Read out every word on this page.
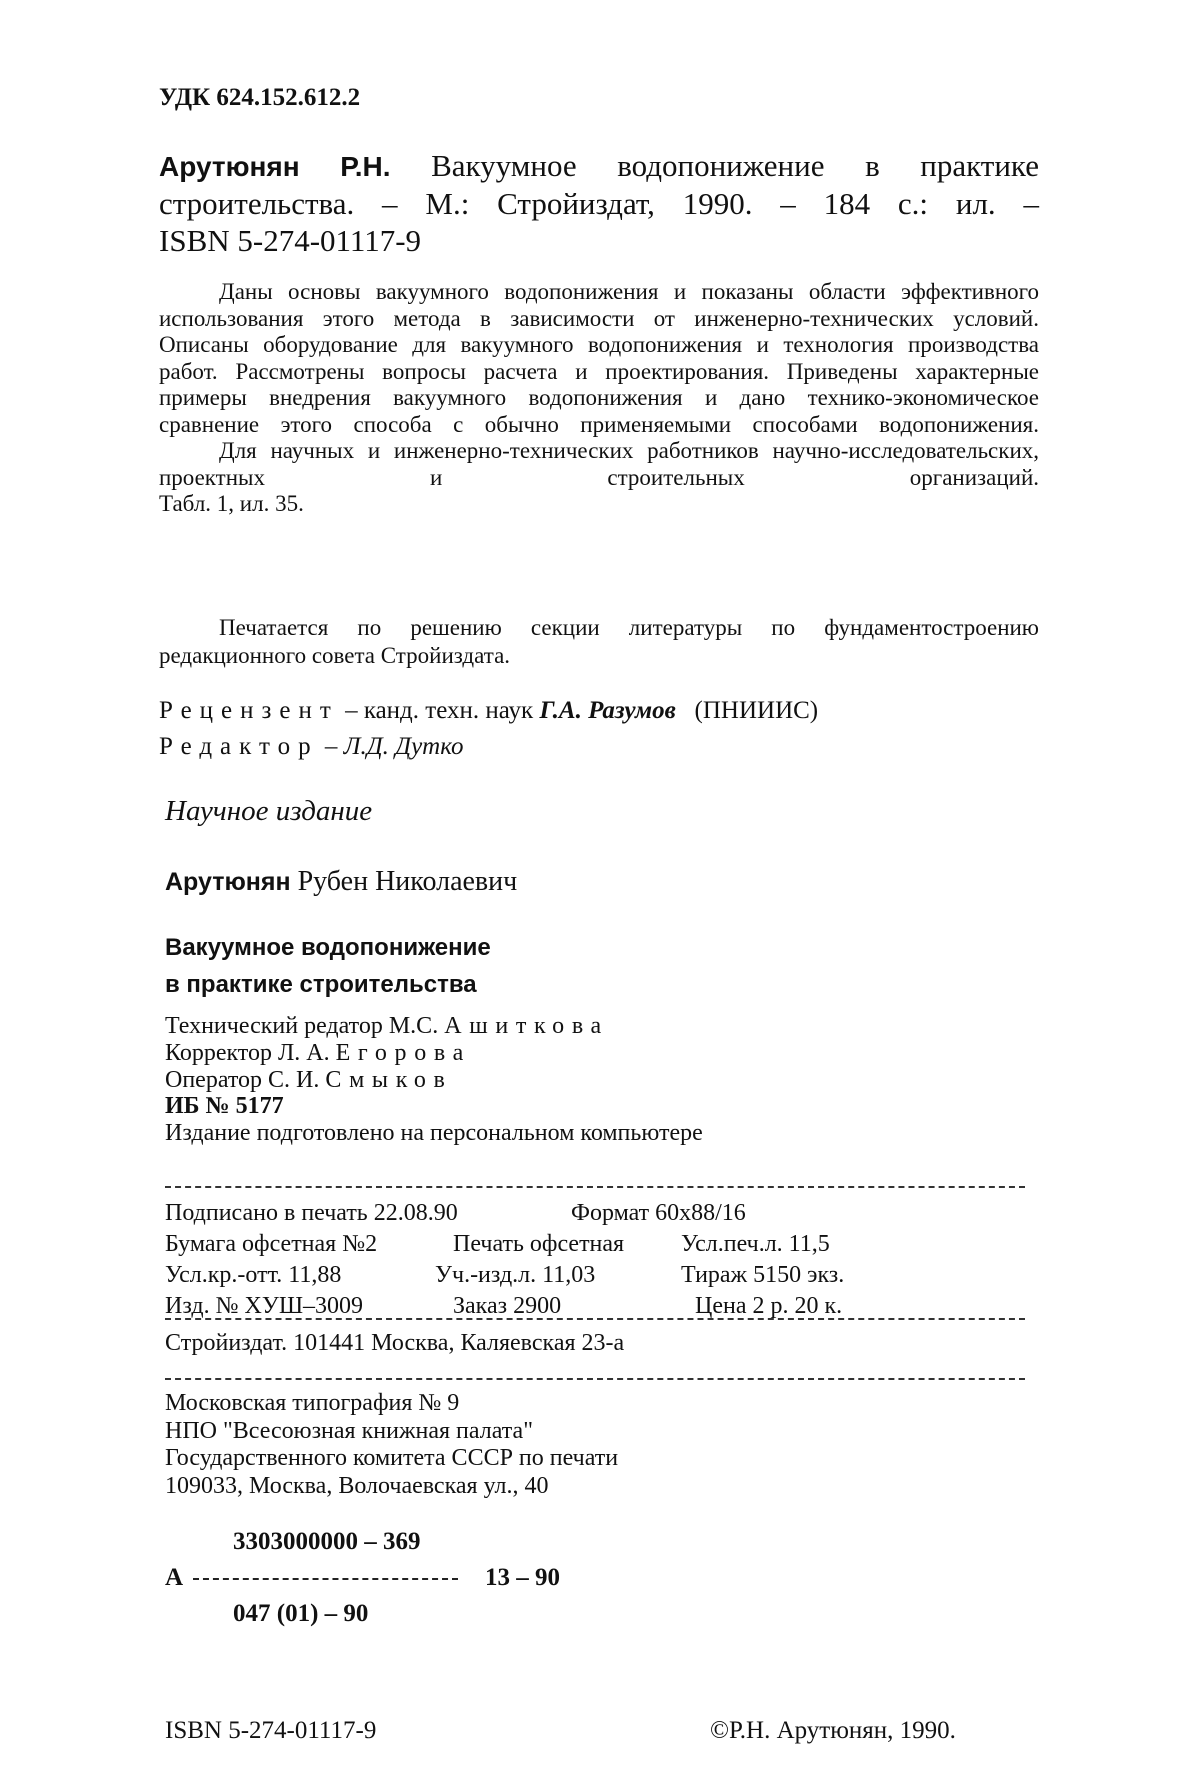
УДК 624.152.612.2
Арутюнян Р.Н. Вакуумное водопонижение в практике
строительства. – М.: Стройиздат, 1990. – 184 с.: ил. –
ISBN 5-274-01117-9

Даны основы вакуумного водопонижения и показаны области эффективного использования этого метода в зависимости от инженерно-технических условий. Описаны оборудование для вакуумного водопонижения и технология производства работ. Рассмотрены вопросы расчета и проектирования. Приведены характерные примеры внедрения вакуумного водопонижения и дано технико-экономическое сравнение этого способа с обычно применяемыми способами водопонижения.

Для научных и инженерно-технических работников научно-исследовательских, проектных и строительных организаций.

Табл. 1, ил. 35.

Печатается по решению секции литературы по фундаментостроению редакционного совета Стройиздата.

Рецензент – канд. техн. наук Г.А. Разумов (ПНИИИС)
Редактор – Л.Д. Дутко
Научное издание
Арутюнян Рубен Николаевич
Вакуумное водопонижение
в практике строительства
Технический редатор М.С. Ашиткова
Корректор Л. А. Егорова
Оператор С. И. Смыков
ИБ № 5177
Издание подготовлено на персональном компьютере
Подписано в печать 22.08.90	Формат 60x88/16
Бумага офсетная №2	Печать офсетная Усл.печ.л. 11,5
Усл.кр.-отт. 11,88	Уч.-изд.л. 11,03	Тираж 5150 экз.
Изд. № ХУШ–3009	Заказ 2900	Цена 2 р. 20 к.
Стройиздат. 101441 Москва, Каляевская 23-а
Московская типография № 9
НПО "Всесоюзная книжная палата"
Государственного комитета СССР по печати
109033, Москва, Волочаевская ул., 40
3303000000 – 369
А	13 – 90
047 (01) – 90
ISBN 5-274-01117-9	©Р.Н. Арутюнян, 1990.
